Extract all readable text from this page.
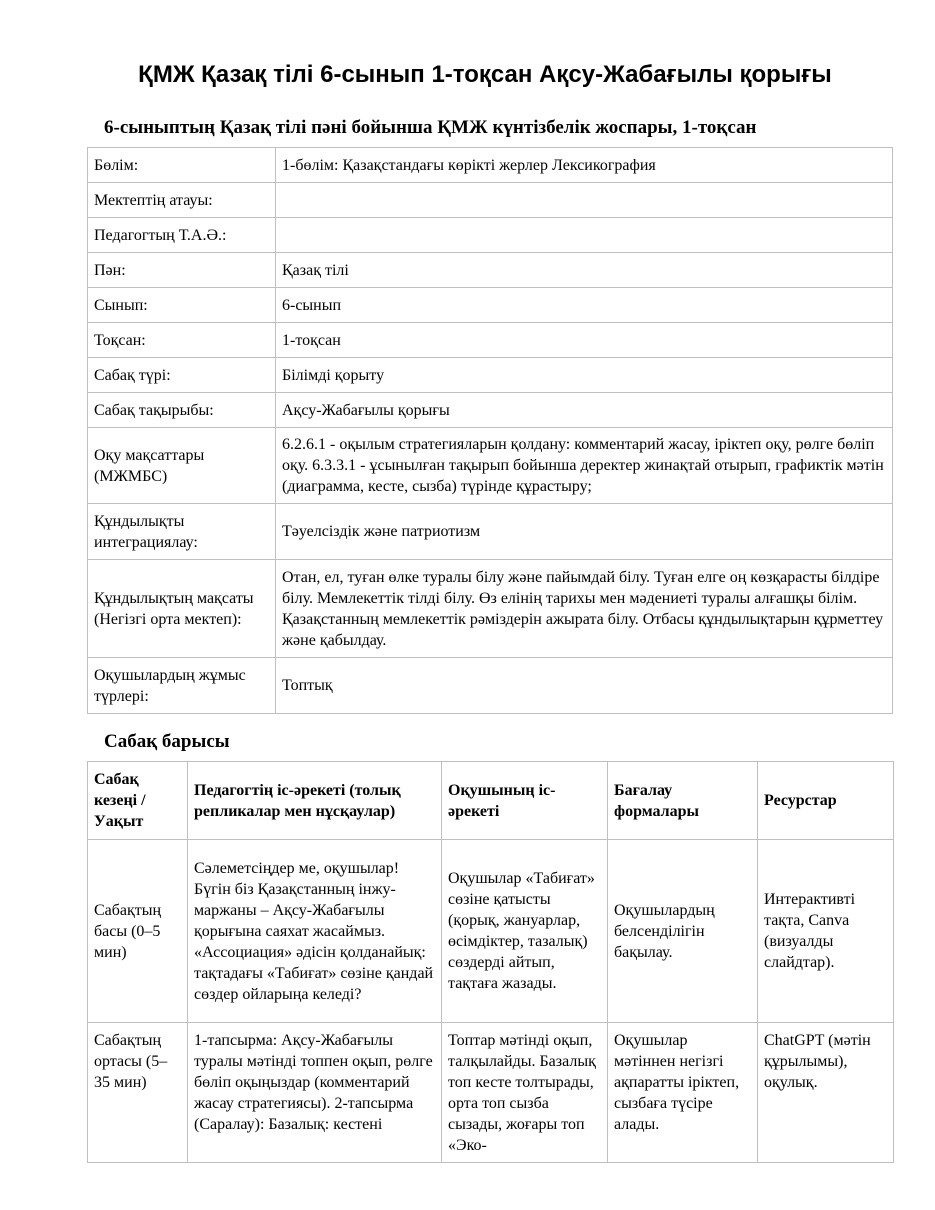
ҚМЖ Қазақ тілі 6-сынып 1-тоқсан Ақсу-Жабағылы қорығы
6-сыныптың Қазақ тілі пәні бойынша ҚМЖ күнтізбелік жоспары, 1-тоқсан
Бөлім:	1-бөлім: Қазақстандағы көрікті жерлер Лексикография
Мектептің атауы:	
Педагогтың Т.А.Ә.:	
Пән:	Қазақ тілі
Сынып:	6-сынып
Тоқсан:	1-тоқсан
Сабақ түрі:	Білімді қорыту
Сабақ тақырыбы:	Ақсу-Жабағылы қорығы
Оқу мақсаттары (МЖМБС)	6.2.6.1 - оқылым стратегияларын қолдану: комментарий жасау, іріктеп оқу, рөлге бөліп оқу. 6.3.3.1 - ұсынылған тақырып бойынша деректер жинақтай отырып, графиктік мәтін (диаграмма, кесте, сызба) түрінде құрастыру;
Құндылықты интеграциялау:	Тәуелсіздік және патриотизм
Құндылықтың мақсаты (Негізгі орта мектеп):	Отан, ел, туған өлке туралы білу және пайымдай білу. Туған елге оң көзқарасты білдіре білу. Мемлекеттік тілді білу. Өз елінің тарихы мен мәдениеті туралы алғашқы білім. Қазақстанның мемлекеттік рәміздерін ажырата білу. Отбасы құндылықтарын құрметтеу және қабылдау.
Оқушылардың жұмыс түрлері:	Топтық
Сабақ барысы
Сабақ кезеңі / Уақыт	Педагогтің іс-әрекеті (толық репликалар мен нұсқаулар)	Оқушының іс-әрекеті	Бағалау формалары	Ресурстар
Сабақтың басы (0–5 мин)	Сәлеметсіңдер ме, оқушылар! Бүгін біз Қазақстанның інжу-маржаны – Ақсу-Жабағылы қорығына саяхат жасаймыз. «Ассоциация» әдісін қолданайық: тақтадағы «Табиғат» сөзіне қандай сөздер ойларыңа келеді?	Оқушылар «Табиғат» сөзіне қатысты (қорық, жануарлар, өсімдіктер, тазалық) сөздерді айтып, тақтаға жазады.	Оқушылардың белсенділігін бақылау.	Интерактивті тақта, Canva (визуалды слайдтар).
Сабақтың ортасы (5–35 мин)	1-тапсырма: Ақсу-Жабағылы туралы мәтінді топпен оқып, рөлге бөліп оқыңыздар (комментарий жасау стратегиясы). 2-тапсырма (Саралау): Базалық: кестені	Топтар мәтінді оқып, талқылайды. Базалық топ кесте толтырады, орта топ сызба сызады, жоғары топ «Эко-	Оқушылар мәтіннен негізгі ақпаратты іріктеп, сызбаға түсіре алады.	ChatGPT (мәтін құрылымы), оқулық.
